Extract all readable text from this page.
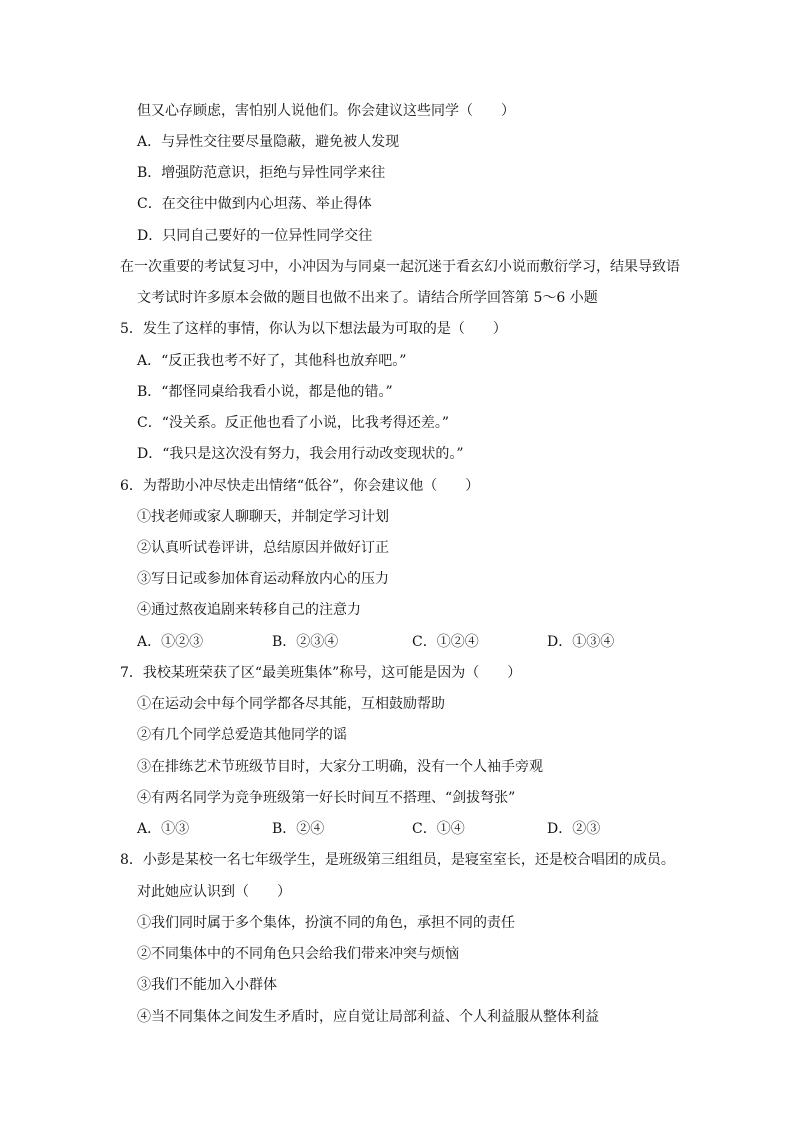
但又心存顾虑，害怕别人说他们。你会建议这些同学（　　）
A．与异性交往要尽量隐蔽，避免被人发现
B．增强防范意识，拒绝与异性同学来往
C．在交往中做到内心坦荡、举止得体
D．只同自己要好的一位异性同学交往
在一次重要的考试复习中，小冲因为与同桌一起沉迷于看玄幻小说而敷衍学习，结果导致语
文考试时许多原本会做的题目也做不出来了。请结合所学回答第 5～6 小题
5．发生了这样的事情，你认为以下想法最为可取的是（　　）
A．“反正我也考不好了，其他科也放弃吧。”
B．“都怪同桌给我看小说，都是他的错。”
C．“没关系。反正他也看了小说，比我考得还差。”
D．“我只是这次没有努力，我会用行动改变现状的。”
6．为帮助小冲尽快走出情绪“低谷”，你会建议他（　　）
①找老师或家人聊聊天，并制定学习计划
②认真听试卷评讲，总结原因并做好订正
③写日记或参加体育运动释放内心的压力
④通过熬夜追剧来转移自己的注意力
A．①②③	B．②③④	C．①②④	D．①③④
7．我校某班荣获了区“最美班集体”称号，这可能是因为（　　）
①在运动会中每个同学都各尽其能，互相鼓励帮助
②有几个同学总爱造其他同学的谣
③在排练艺术节班级节目时，大家分工明确，没有一个人袖手旁观
④有两名同学为竞争班级第一好长时间互不搭理、“剑拔弩张”
A．①③	B．②④	C．①④	D．②③
8．小彭是某校一名七年级学生，是班级第三组组员，是寝室室长，还是校合唱团的成员。
对此她应认识到（　　）
①我们同时属于多个集体，扮演不同的角色，承担不同的责任
②不同集体中的不同角色只会给我们带来冲突与烦恼
③我们不能加入小群体
④当不同集体之间发生矛盾时，应自觉让局部利益、个人利益服从整体利益
